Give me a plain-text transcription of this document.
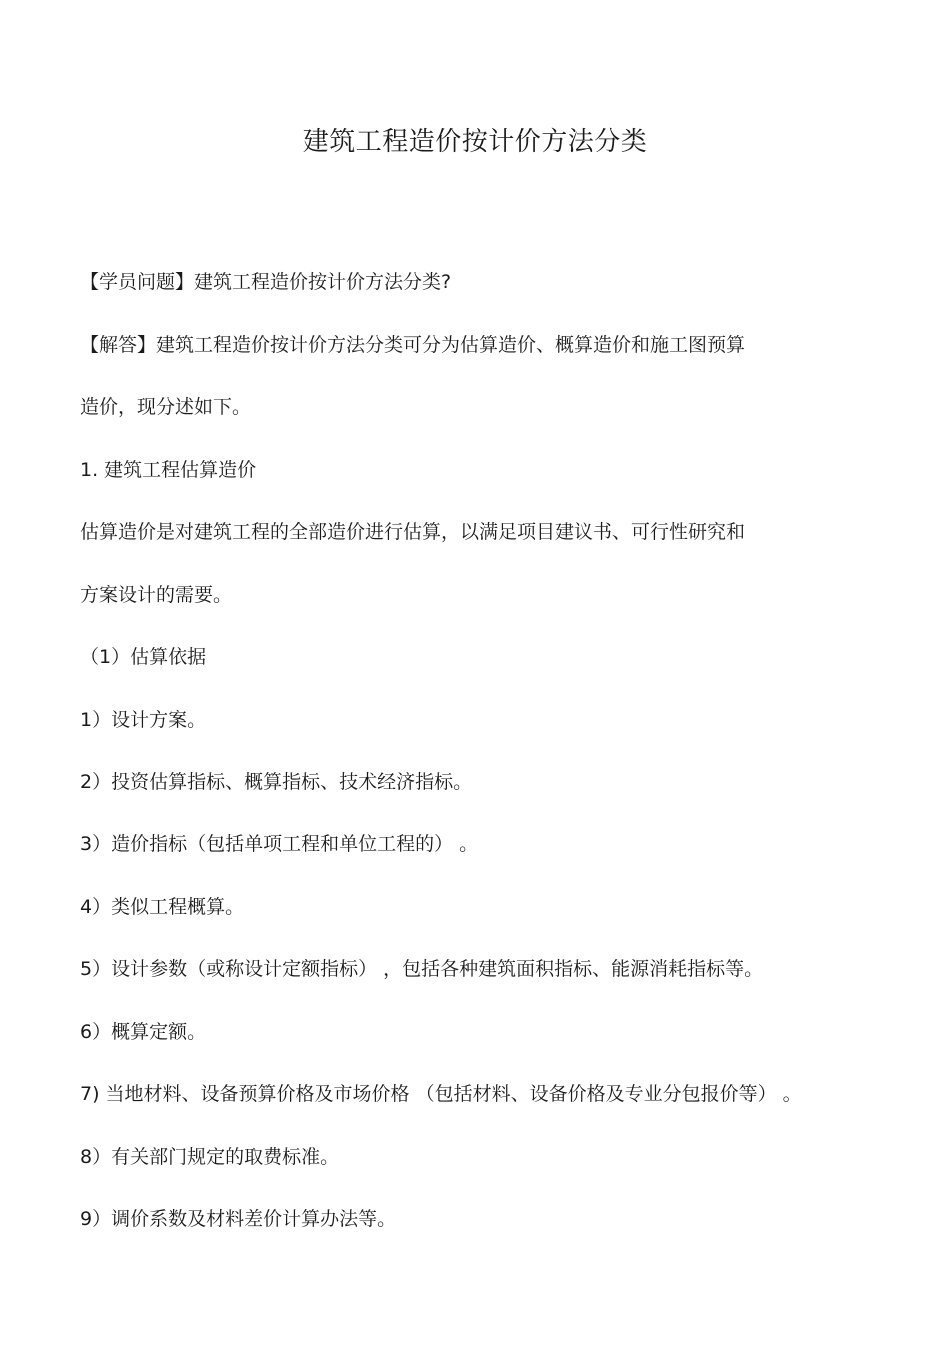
建筑工程造价按计价方法分类
【学员问题】建筑工程造价按计价方法分类?
【解答】建筑工程造价按计价方法分类可分为估算造价、概算造价和施工图预算
造价，现分述如下。
1. 建筑工程估算造价
估算造价是对建筑工程的全部造价进行估算，以满足项目建议书、可行性研究和
方案设计的需要。
（1）估算依据
1）设计方案。
2）投资估算指标、概算指标、技术经济指标。
3）造价指标（包括单项工程和单位工程的） 。
4）类似工程概算。
5）设计参数（或称设计定额指标） ，包括各种建筑面积指标、能源消耗指标等。
6）概算定额。
7) 当地材料、设备预算价格及市场价格 （包括材料、设备价格及专业分包报价等） 。
8）有关部门规定的取费标准。
9）调价系数及材料差价计算办法等。
